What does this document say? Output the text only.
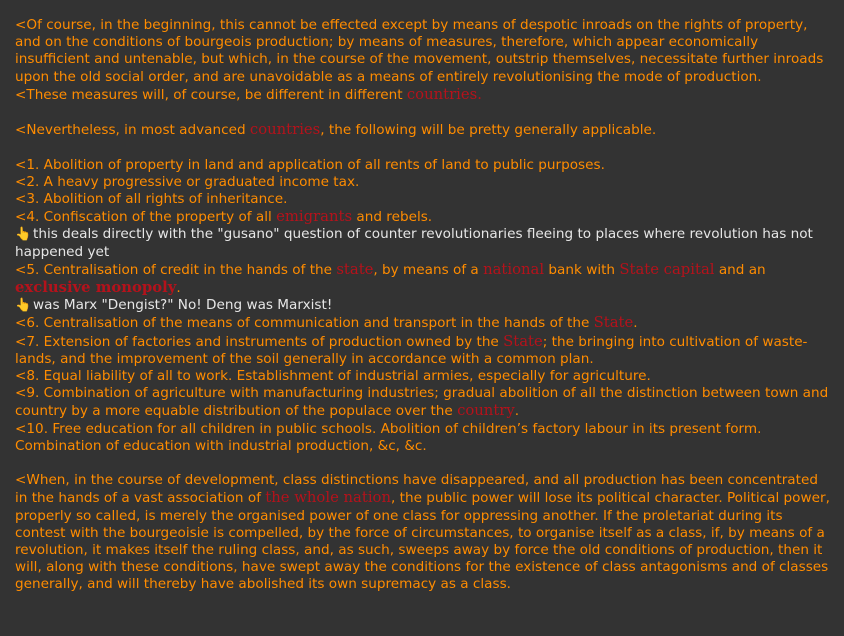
<Of course, in the beginning, this cannot be effected except by means of despotic inroads on the rights of property, and on the conditions of bourgeois production; by means of measures, therefore, which appear economically insufficient and untenable, but which, in the course of the movement, outstrip themselves, necessitate further inroads upon the old social order, and are unavoidable as a means of entirely revolutionising the mode of production.

<These measures will, of course, be different in different countries.

<Nevertheless, in most advanced countries, the following will be pretty generally applicable.

<1. Abolition of property in land and application of all rents of land to public purposes.

<2. A heavy progressive or graduated income tax.

<3. Abolition of all rights of inheritance.

<4. Confiscation of the property of all emigrants and rebels.

👆 this deals directly with the "gusano" question of counter revolutionaries fleeing to places where revolution has not happened yet

<5. Centralisation of credit in the hands of the state, by means of a national bank with State capital and an exclusive monopoly.

👆 was Marx "Dengist?" No! Deng was Marxist!

<6. Centralisation of the means of communication and transport in the hands of the State.

<7. Extension of factories and instruments of production owned by the State; the bringing into cultivation of waste-lands, and the improvement of the soil generally in accordance with a common plan.

<8. Equal liability of all to work. Establishment of industrial armies, especially for agriculture.

<9. Combination of agriculture with manufacturing industries; gradual abolition of all the distinction between town and country by a more equable distribution of the populace over the country.

<10. Free education for all children in public schools. Abolition of children’s factory labour in its present form. Combination of education with industrial production, &c, &c.

<When, in the course of development, class distinctions have disappeared, and all production has been concentrated in the hands of a vast association of the whole nation, the public power will lose its political character. Political power, properly so called, is merely the organised power of one class for oppressing another. If the proletariat during its contest with the bourgeoisie is compelled, by the force of circumstances, to organise itself as a class, if, by means of a revolution, it makes itself the ruling class, and, as such, sweeps away by force the old conditions of production, then it will, along with these conditions, have swept away the conditions for the existence of class antagonisms and of classes generally, and will thereby have abolished its own supremacy as a class.
